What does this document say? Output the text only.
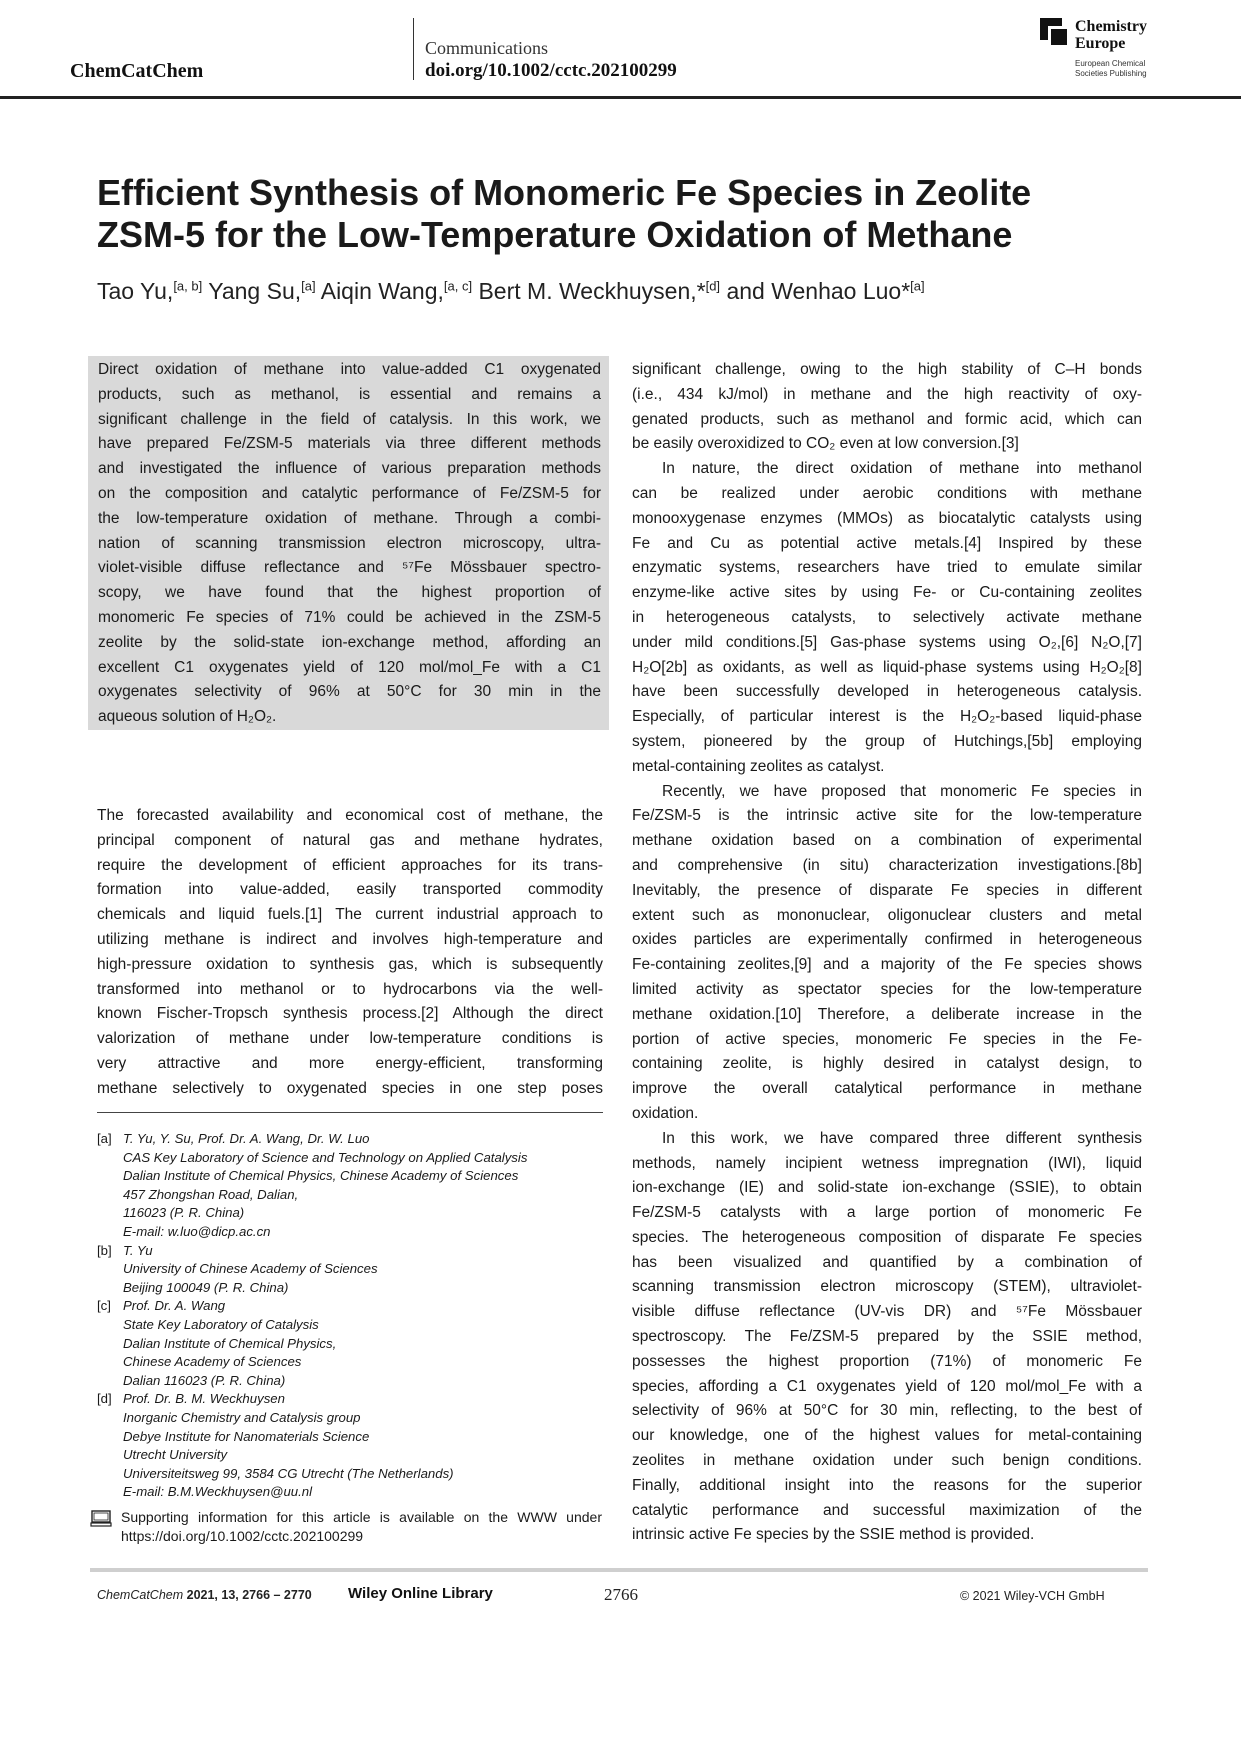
ChemCatChem
Communications
doi.org/10.1002/cctc.202100299
Chemistry
Europe
European Chemical
Societies Publishing
Efficient Synthesis of Monomeric Fe Species in Zeolite
ZSM-5 for the Low-Temperature Oxidation of Methane
Tao Yu,[a, b] Yang Su,[a] Aiqin Wang,[a, c] Bert M. Weckhuysen,*[d] and Wenhao Luo*[a]
Direct oxidation of methane into value-added C1 oxygenated
products, such as methanol, is essential and remains a
significant challenge in the field of catalysis. In this work, we
have prepared Fe/ZSM-5 materials via three different methods
and investigated the influence of various preparation methods
on the composition and catalytic performance of Fe/ZSM-5 for
the low-temperature oxidation of methane. Through a combi-
nation of scanning transmission electron microscopy, ultra-
violet-visible diffuse reflectance and ⁵⁷Fe Mössbauer spectro-
scopy, we have found that the highest proportion of
monomeric Fe species of 71% could be achieved in the ZSM-5
zeolite by the solid-state ion-exchange method, affording an
excellent C1 oxygenates yield of 120 mol/mol_Fe with a C1
oxygenates selectivity of 96% at 50°C for 30 min in the
aqueous solution of H₂O₂.
The forecasted availability and economical cost of methane, the
principal component of natural gas and methane hydrates,
require the development of efficient approaches for its trans-
formation into value-added, easily transported commodity
chemicals and liquid fuels.[1] The current industrial approach to
utilizing methane is indirect and involves high-temperature and
high-pressure oxidation to synthesis gas, which is subsequently
transformed into methanol or to hydrocarbons via the well-
known Fischer-Tropsch synthesis process.[2] Although the direct
valorization of methane under low-temperature conditions is
very attractive and more energy-efficient, transforming
methane selectively to oxygenated species in one step poses
significant challenge, owing to the high stability of C–H bonds
(i.e., 434 kJ/mol) in methane and the high reactivity of oxy-
genated products, such as methanol and formic acid, which can
be easily overoxidized to CO₂ even at low conversion.[3]
In nature, the direct oxidation of methane into methanol
can be realized under aerobic conditions with methane
monooxygenase enzymes (MMOs) as biocatalytic catalysts using
Fe and Cu as potential active metals.[4] Inspired by these
enzymatic systems, researchers have tried to emulate similar
enzyme-like active sites by using Fe- or Cu-containing zeolites
in heterogeneous catalysts, to selectively activate methane
under mild conditions.[5] Gas-phase systems using O₂,[6] N₂O,[7]
H₂O[2b] as oxidants, as well as liquid-phase systems using H₂O₂[8]
have been successfully developed in heterogeneous catalysis.
Especially, of particular interest is the H₂O₂-based liquid-phase
system, pioneered by the group of Hutchings,[5b] employing
metal-containing zeolites as catalyst.
Recently, we have proposed that monomeric Fe species in
Fe/ZSM-5 is the intrinsic active site for the low-temperature
methane oxidation based on a combination of experimental
and comprehensive (in situ) characterization investigations.[8b]
Inevitably, the presence of disparate Fe species in different
extent such as mononuclear, oligonuclear clusters and metal
oxides particles are experimentally confirmed in heterogeneous
Fe-containing zeolites,[9] and a majority of the Fe species shows
limited activity as spectator species for the low-temperature
methane oxidation.[10] Therefore, a deliberate increase in the
portion of active species, monomeric Fe species in the Fe-
containing zeolite, is highly desired in catalyst design, to
improve the overall catalytical performance in methane
oxidation.
In this work, we have compared three different synthesis
methods, namely incipient wetness impregnation (IWI), liquid
ion-exchange (IE) and solid-state ion-exchange (SSIE), to obtain
Fe/ZSM-5 catalysts with a large portion of monomeric Fe
species. The heterogeneous composition of disparate Fe species
has been visualized and quantified by a combination of
scanning transmission electron microscopy (STEM), ultraviolet-
visible diffuse reflectance (UV-vis DR) and ⁵⁷Fe Mössbauer
spectroscopy. The Fe/ZSM-5 prepared by the SSIE method,
possesses the highest proportion (71%) of monomeric Fe
species, affording a C1 oxygenates yield of 120 mol/mol_Fe with a
selectivity of 96% at 50°C for 30 min, reflecting, to the best of
our knowledge, one of the highest values for metal-containing
zeolites in methane oxidation under such benign conditions.
Finally, additional insight into the reasons for the superior
catalytic performance and successful maximization of the
intrinsic active Fe species by the SSIE method is provided.
[a] T. Yu, Y. Su, Prof. Dr. A. Wang, Dr. W. Luo
CAS Key Laboratory of Science and Technology on Applied Catalysis
Dalian Institute of Chemical Physics, Chinese Academy of Sciences
457 Zhongshan Road, Dalian,
116023 (P. R. China)
E-mail: w.luo@dicp.ac.cn
[b] T. Yu
University of Chinese Academy of Sciences
Beijing 100049 (P. R. China)
[c] Prof. Dr. A. Wang
State Key Laboratory of Catalysis
Dalian Institute of Chemical Physics,
Chinese Academy of Sciences
Dalian 116023 (P. R. China)
[d] Prof. Dr. B. M. Weckhuysen
Inorganic Chemistry and Catalysis group
Debye Institute for Nanomaterials Science
Utrecht University
Universiteitsweg 99, 3584 CG Utrecht (The Netherlands)
E-mail: B.M.Weckhuysen@uu.nl
Supporting information for this article is available on the WWW under
https://doi.org/10.1002/cctc.202100299
ChemCatChem 2021, 13, 2766 – 2770 Wiley Online Library	2766	© 2021 Wiley-VCH GmbH
